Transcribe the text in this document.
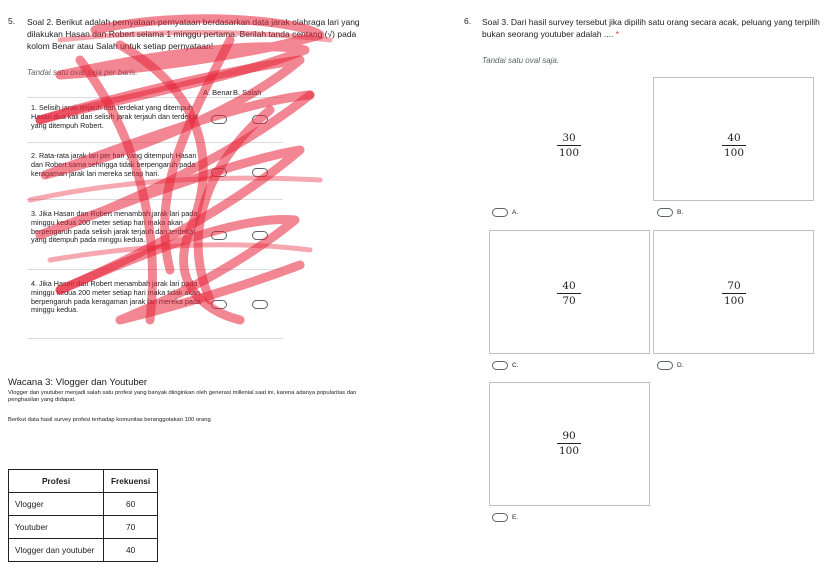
5. Soal 2. Berikut adalah pernyataan-pernyataan berdasarkan data jarak olahraga lari yang dilakukan Hasan dan Robert selama 1 minggu pertama. Berilah tanda centang (√) pada kolom Benar atau Salah untuk setiap pernyataan!
Tandai satu oval saja per baris.
A. Benar B. Salah
1. Selisih jarak terjauh dan terdekat yang ditempuh Hasan dua kali dari selisih jarak terjauh dan terdekat yang ditempuh Robert.
2. Rata-rata jarak lari per hari yang ditempuh Hasan dan Robert sama sehingga tidak berpengaruh pada keragaman jarak lari mereka setiap hari.
3. Jika Hasan dan Robert menambah jarak lari pada minggu kedua 200 meter setiap hari maka akan berpengaruh pada selisih jarak terjauh dan terdekat yang ditempuh pada minggu kedua.
4. Jika Hasan dan Robert menambah jarak lari pada minggu kedua 200 meter setiap hari maka tidak akan berpengaruh pada keragaman jarak lari mereka pada minggu kedua.
Wacana 3: Vlogger dan Youtuber
Vlogger dan youtuber menjadi salah satu profesi yang banyak diinginkan oleh generasi millenial saat ini, karena adanya popularitas dan penghasilan yang didapat.
Berikut data hasil survey profesi terhadap komunitas beranggotakan 100 orang
Profesi	Frekuensi
Vlogger	60
Youtuber	70
Vlogger dan youtuber	40
6. Soal 3. Dari hasil survey tersebut jika dipilih satu orang secara acak, peluang yang terpilih bukan seorang youtuber adalah .... *
Tandai satu oval saja.
30
100
A.
40
100
B.
40
70
C.
70
100
D.
90
100
E.
